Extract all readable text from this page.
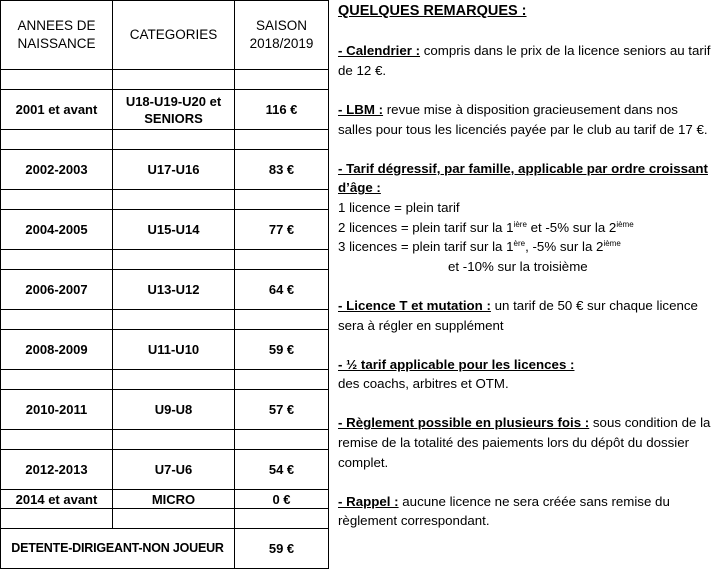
ANNEES DE NAISSANCE	CATEGORIES	SAISON 2018/2019

2001 et avant	U18-U19-U20 et SENIORS	116 €

2002-2003	U17-U16	83 €

2004-2005	U15-U14	77 €

2006-2007	U13-U12	64 €

2008-2009	U11-U10	59 €

2010-2011	U9-U8	57 €

2012-2013	U7-U6	54 €
2014 et avant	MICRO	0 €

DETENTE-DIRIGEANT-NON JOUEUR		59 €
QUELQUES REMARQUES :

- Calendrier : compris dans le prix de la licence seniors au tarif de 12 €.

- LBM : revue mise à disposition gracieusement dans nos salles pour tous les licenciés payée par le club au tarif de 17 €.

- Tarif dégressif, par famille, applicable par ordre croissant d’âge :

1 licence = plein tarif

2 licences = plein tarif sur la $1^{ière}$ et -5% sur la 2ième

3 licences = plein tarif sur la 1ère, -5% sur la 2ième

et -10% sur la troisième

- Licence T et mutation : un tarif de 50 € sur chaque licence sera à régler en supplément

- ½ tarif applicable pour les licences :

des coachs, arbitres et OTM.

- Règlement possible en plusieurs fois : sous condition de la remise de la totalité des paiements lors du dépôt du dossier complet.

- Rappel : aucune licence ne sera créée sans remise du règlement correspondant.
